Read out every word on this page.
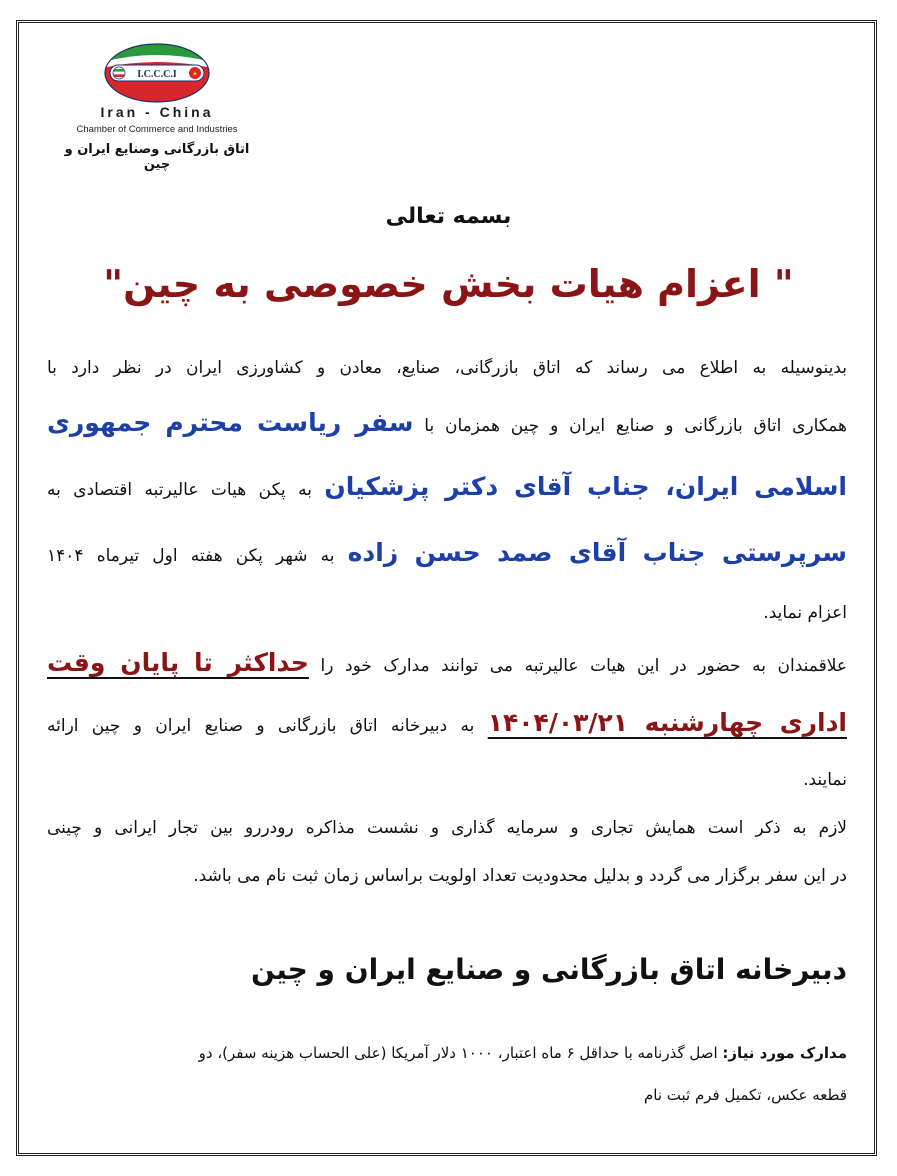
★
I.C.C.C.I
Iran - China
Chamber of Commerce and Industries
اتاق بازرگانی وصنایع ایران و چین
بسمه تعالی
" اعزام هیات بخش خصوصی به چین"
بدینوسیله به اطلاع می رساند که اتاق بازرگانی، صنایع، معادن و کشاورزی ایران در نظر دارد با
همکاری اتاق بازرگانی و صنایع ایران و چین همزمان با سفر ریاست محترم جمهوری
اسلامی ایران، جناب آقای دکتر پزشکیان به پکن هیات عالیرتبه اقتصادی به
سرپرستی جناب آقای صمد حسن زاده به شهر پکن هفته اول تیرماه ۱۴۰۴
اعزام نماید.
علاقمندان به حضور در این هیات عالیرتبه می توانند مدارک خود را حداکثر تا پایان وقت
اداری چهارشنبه ۱۴۰۴/۰۳/۲۱ به دبیرخانه اتاق بازرگانی و صنایع ایران و چین ارائه
نمایند.
لازم به ذکر است همایش تجاری و سرمایه گذاری و نشست مذاکره رودررو بین تجار ایرانی و چینی
در این سفر برگزار می گردد و بدلیل محدودیت تعداد اولویت براساس زمان ثبت نام می باشد.
دبیرخانه اتاق بازرگانی و صنایع ایران و چین
مدارک مورد نیاز: اصل گذرنامه با حداقل ۶ ماه اعتبار، ۱۰۰۰ دلار آمریکا (علی الحساب هزینه سفر)، دو
قطعه عکس، تکمیل فرم ثبت نام
